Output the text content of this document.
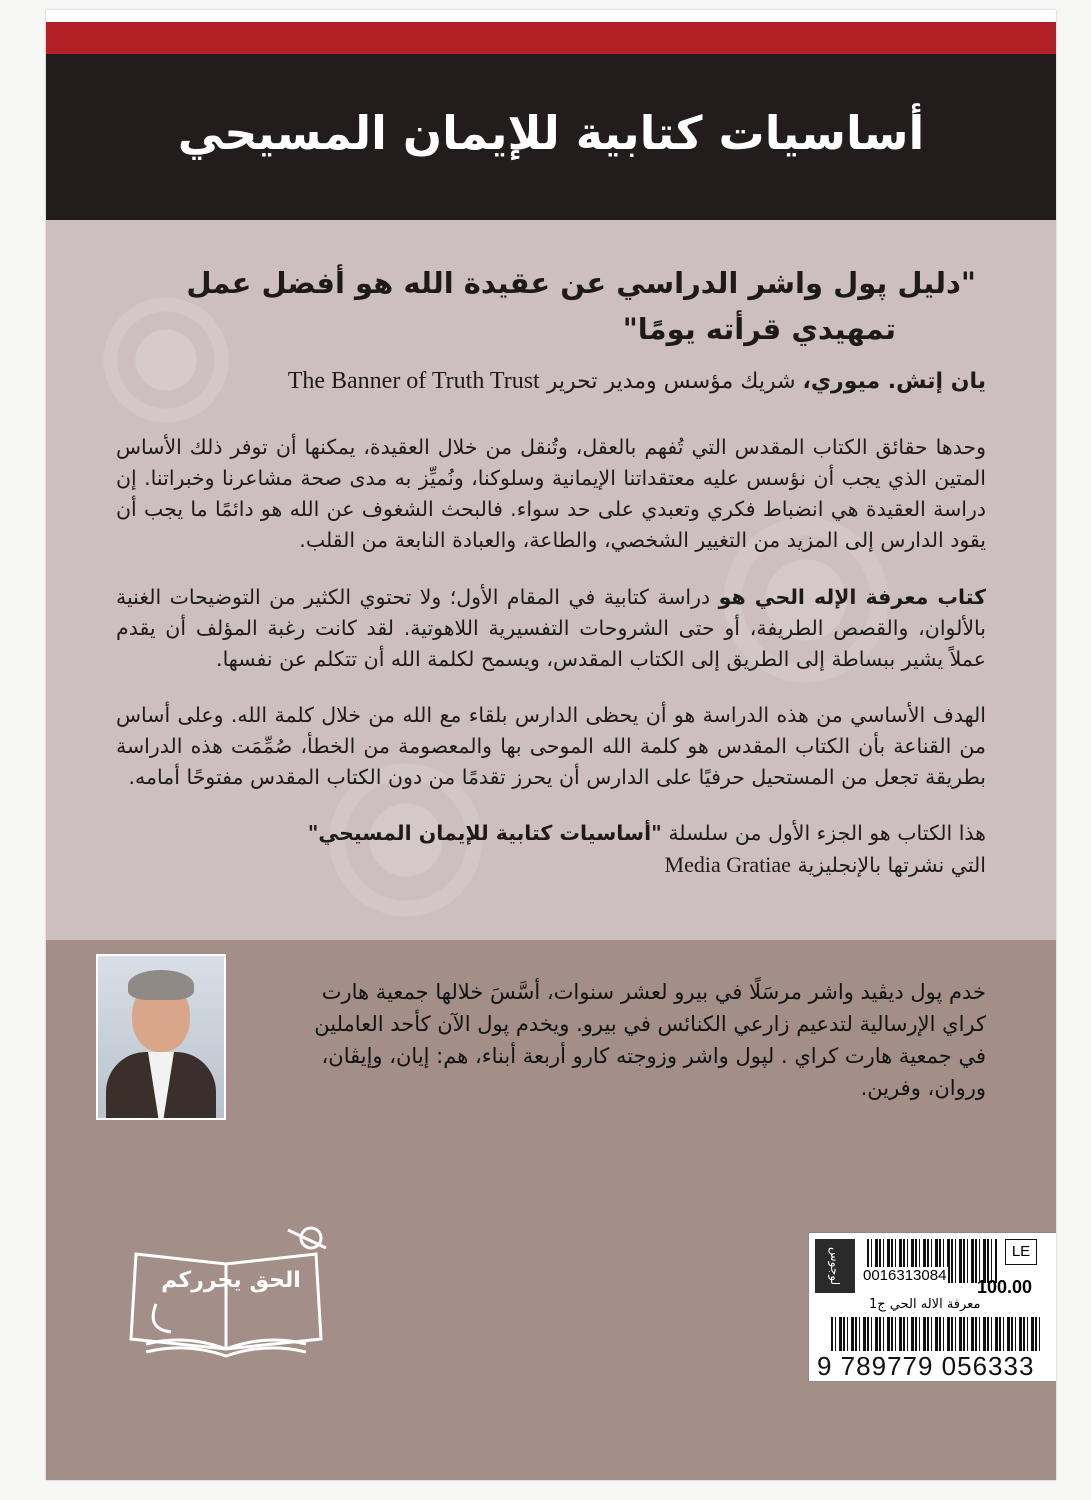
أساسيات كتابية للإيمان المسيحي
"دليل پول واشر الدراسي عن عقيدة الله هو أفضل عمل
تمهيدي قرأته يومًا"
يان إتش. ميوري، شريك مؤسس ومدير تحرير The Banner of Truth Trust
وحدها حقائق الكتاب المقدس التي تُفهم بالعقل، وتُنقل من خلال العقيدة، يمكنها أن توفر ذلك الأساس المتين الذي يجب أن نؤسس عليه معتقداتنا الإيمانية وسلوكنا، ونُميِّز به مدى صحة مشاعرنا وخبراتنا. إن دراسة العقيدة هي انضباط فكري وتعبدي على حد سواء. فالبحث الشغوف عن الله هو دائمًا ما يجب أن يقود الدارس إلى المزيد من التغيير الشخصي، والطاعة، والعبادة النابعة من القلب.
كتاب معرفة الإله الحي هو دراسة كتابية في المقام الأول؛ ولا تحتوي الكثير من التوضيحات الغنية بالألوان، والقصص الطريفة، أو حتى الشروحات التفسيرية اللاهوتية. لقد كانت رغبة المؤلف أن يقدم عملاً يشير ببساطة إلى الطريق إلى الكتاب المقدس، ويسمح لكلمة الله أن تتكلم عن نفسها.
الهدف الأساسي من هذه الدراسة هو أن يحظى الدارس بلقاء مع الله من خلال كلمة الله. وعلى أساس من القناعة بأن الكتاب المقدس هو كلمة الله الموحى بها والمعصومة من الخطأ، صُمِّمَت هذه الدراسة بطريقة تجعل من المستحيل حرفيًا على الدارس أن يحرز تقدمًا من دون الكتاب المقدس مفتوحًا أمامه.
هذا الكتاب هو الجزء الأول من سلسلة "أساسيات كتابية للإيمان المسيحي"
التي نشرتها بالإنجليزية Media Gratiae
خدم پول ديڤيد واشر مرسَلًا في بيرو لعشر سنوات، أسَّسَ خلالها جمعية هارت كراي الإرسالية لتدعيم زارعي الكنائس في بيرو. ويخدم پول الآن كأحد العاملين في جمعية هارت كراي . لپول واشر وزوجته كارو أربعة أبناء، هم: إيان، وإيڤان، وروان، وفرين.
لوجوس	LE
0016313084
100.00
معرفة الاله الحي ج1
9 789779 056333
الحق يحرركم
